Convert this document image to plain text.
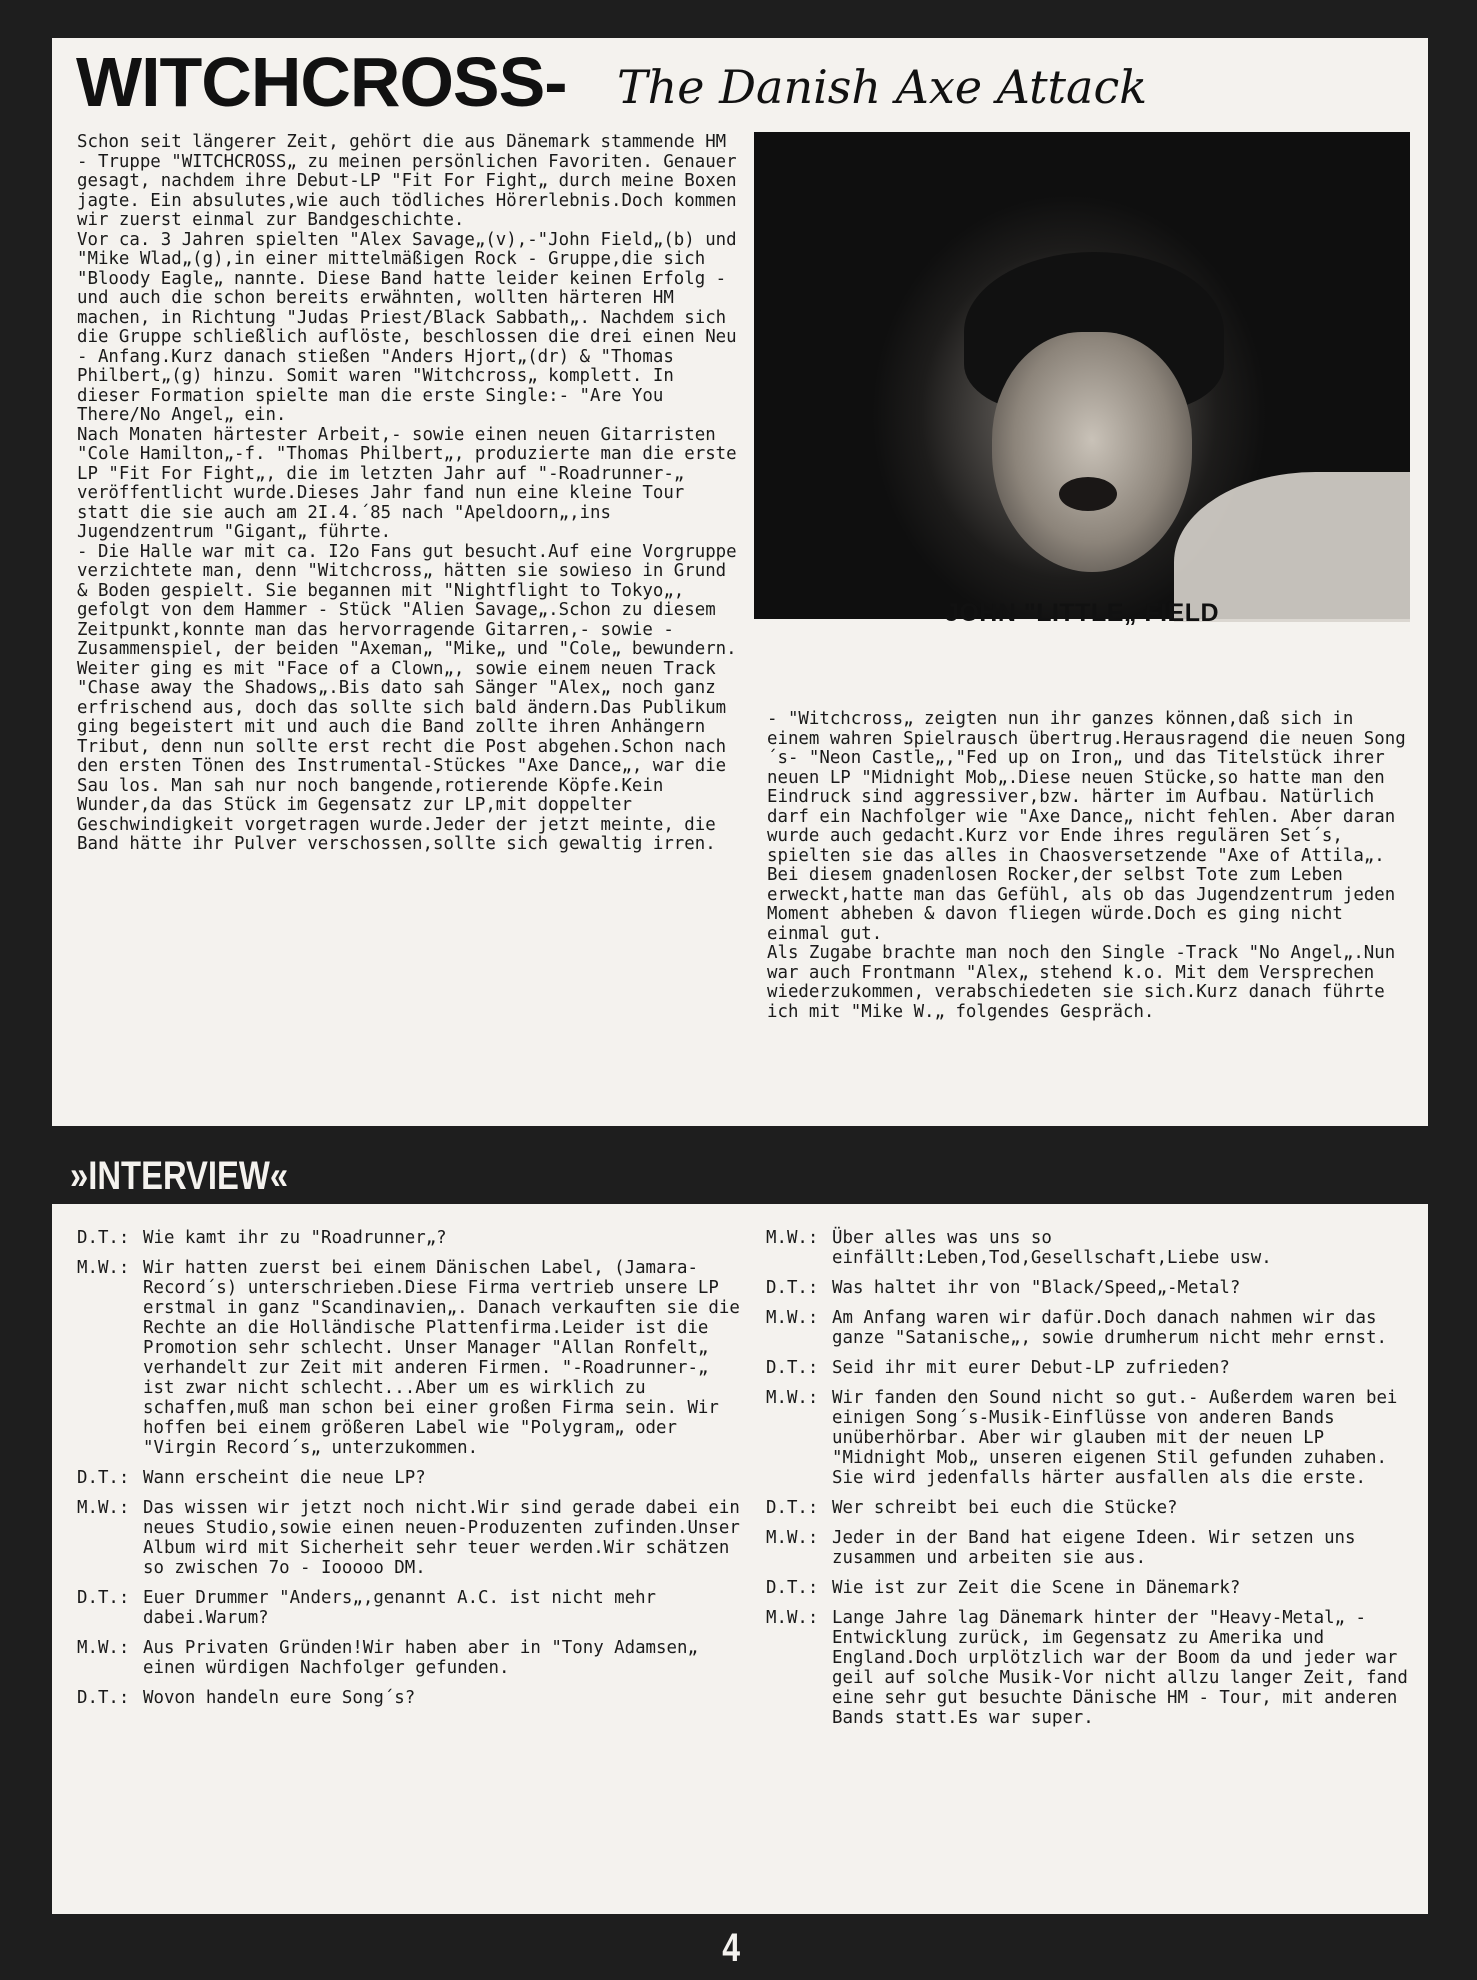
WITCHCROSS- The Danish Axe Attack

Schon seit längerer Zeit, gehört die aus Dänemark stammende HM - Truppe "WITCHCROSS„ zu meinen persönlichen Favoriten. Genauer gesagt, nachdem ihre Debut-LP "Fit For Fight„ durch meine Boxen jagte. Ein absulutes,wie auch tödliches Hörerlebnis.Doch kommen wir zuerst einmal zur Bandgeschichte.

Vor ca. 3 Jahren spielten "Alex Savage„(v),-"John Field„(b) und "Mike Wlad„(g),in einer mittelmäßigen Rock - Gruppe,die sich "Bloody Eagle„ nannte. Diese Band hatte leider keinen Erfolg - und auch die schon bereits erwähnten, wollten härteren HM machen, in Richtung "Judas Priest/Black Sabbath„. Nachdem sich die Gruppe schließlich auflöste, beschlossen die drei einen Neu - Anfang.Kurz danach stießen "Anders Hjort„(dr) & "Thomas Philbert„(g) hinzu. Somit waren "Witchcross„ komplett. In dieser Formation spielte man die erste Single:- "Are You There/No Angel„ ein.

Nach Monaten härtester Arbeit,- sowie einen neuen Gitarristen "Cole Hamilton„-f. "Thomas Philbert„, produzierte man die erste LP "Fit For Fight„, die im letzten Jahr auf "-Roadrunner-„ veröffentlicht wurde.Dieses Jahr fand nun eine kleine Tour statt die sie auch am 2I.4.´85 nach "Apeldoorn„,ins Jugendzentrum "Gigant„ führte.

- Die Halle war mit ca. I2o Fans gut besucht.Auf eine Vorgruppe verzichtete man, denn "Witchcross„ hätten sie sowieso in Grund & Boden gespielt. Sie begannen mit "Nightflight to Tokyo„, gefolgt von dem Hammer - Stück "Alien Savage„.Schon zu diesem Zeitpunkt,konnte man das hervorragende Gitarren,- sowie - Zusammenspiel, der beiden "Axeman„ "Mike„ und "Cole„ bewundern.

Weiter ging es mit "Face of a Clown„, sowie einem neuen Track "Chase away the Shadows„.Bis dato sah Sänger "Alex„ noch ganz erfrischend aus, doch das sollte sich bald ändern.Das Publikum ging begeistert mit und auch die Band zollte ihren Anhängern Tribut, denn nun sollte erst recht die Post abgehen.Schon nach den ersten Tönen des Instrumental-Stückes "Axe Dance„, war die Sau los. Man sah nur noch bangende,rotierende Köpfe.Kein Wunder,da das Stück im Gegensatz zur LP,mit doppelter Geschwindigkeit vorgetragen wurde.Jeder der jetzt meinte, die Band hätte ihr Pulver verschossen,sollte sich gewaltig irren.

JOHN "LITTLE„ FIELD

- "Witchcross„ zeigten nun ihr ganzes können,daß sich in einem wahren Spielrausch übertrug.Herausragend die neuen Song´s- "Neon Castle„,"Fed up on Iron„ und das Titelstück ihrer neuen LP "Midnight Mob„.Diese neuen Stücke,so hatte man den Eindruck sind aggressiver,bzw. härter im Aufbau. Natürlich darf ein Nachfolger wie "Axe Dance„ nicht fehlen. Aber daran wurde auch gedacht.Kurz vor Ende ihres regulären Set´s, spielten sie das alles in Chaosversetzende "Axe of Attila„. Bei diesem gnadenlosen Rocker,der selbst Tote zum Leben erweckt,hatte man das Gefühl, als ob das Jugendzentrum jeden Moment abheben & davon fliegen würde.Doch es ging nicht einmal gut.

Als Zugabe brachte man noch den Single -Track "No Angel„.Nun war auch Frontmann "Alex„ stehend k.o. Mit dem Versprechen wiederzukommen, verabschiedeten sie sich.Kurz danach führte ich mit "Mike W.„ folgendes Gespräch.

»INTERVIEW«
D.T.: Wie kamt ihr zu "Roadrunner„?
M.W.: Wir hatten zuerst bei einem Dänischen Label, (Jamara-Record´s) unterschrieben.Diese Firma vertrieb unsere LP erstmal in ganz "Scandinavien„. Danach verkauften sie die Rechte an die Holländische Plattenfirma.Leider ist die Promotion sehr schlecht. Unser Manager "Allan Ronfelt„ verhandelt zur Zeit mit anderen Firmen. "-Roadrunner-„ ist zwar nicht schlecht...Aber um es wirklich zu schaffen,muß man schon bei einer großen Firma sein. Wir hoffen bei einem größeren Label wie "Polygram„ oder "Virgin Record´s„ unterzukommen.
D.T.: Wann erscheint die neue LP?
M.W.: Das wissen wir jetzt noch nicht.Wir sind gerade dabei ein neues Studio,sowie einen neuen-Produzenten zufinden.Unser Album wird mit Sicherheit sehr teuer werden.Wir schätzen so zwischen 7o - Iooooo DM.
D.T.: Euer Drummer "Anders„,genannt A.C. ist nicht mehr dabei.Warum?
M.W.: Aus Privaten Gründen!Wir haben aber in "Tony Adamsen„ einen würdigen Nachfolger gefunden.
D.T.: Wovon handeln eure Song´s?
M.W.: Über alles was uns so einfällt:Leben,Tod,Gesellschaft,Liebe usw.
D.T.: Was haltet ihr von "Black/Speed„-Metal?
M.W.: Am Anfang waren wir dafür.Doch danach nahmen wir das ganze "Satanische„, sowie drumherum nicht mehr ernst.
D.T.: Seid ihr mit eurer Debut-LP zufrieden?
M.W.: Wir fanden den Sound nicht so gut.- Außerdem waren bei einigen Song´s-Musik-Einflüsse von anderen Bands unüberhörbar. Aber wir glauben mit der neuen LP "Midnight Mob„ unseren eigenen Stil gefunden zuhaben. Sie wird jedenfalls härter ausfallen als die erste.
D.T.: Wer schreibt bei euch die Stücke?
M.W.: Jeder in der Band hat eigene Ideen. Wir setzen uns zusammen und arbeiten sie aus.
D.T.: Wie ist zur Zeit die Scene in Dänemark?
M.W.: Lange Jahre lag Dänemark hinter der "Heavy-Metal„ - Entwicklung zurück, im Gegensatz zu Amerika und England.Doch urplötzlich war der Boom da und jeder war geil auf solche Musik-Vor nicht allzu langer Zeit, fand eine sehr gut besuchte Dänische HM - Tour, mit anderen Bands statt.Es war super.
4
